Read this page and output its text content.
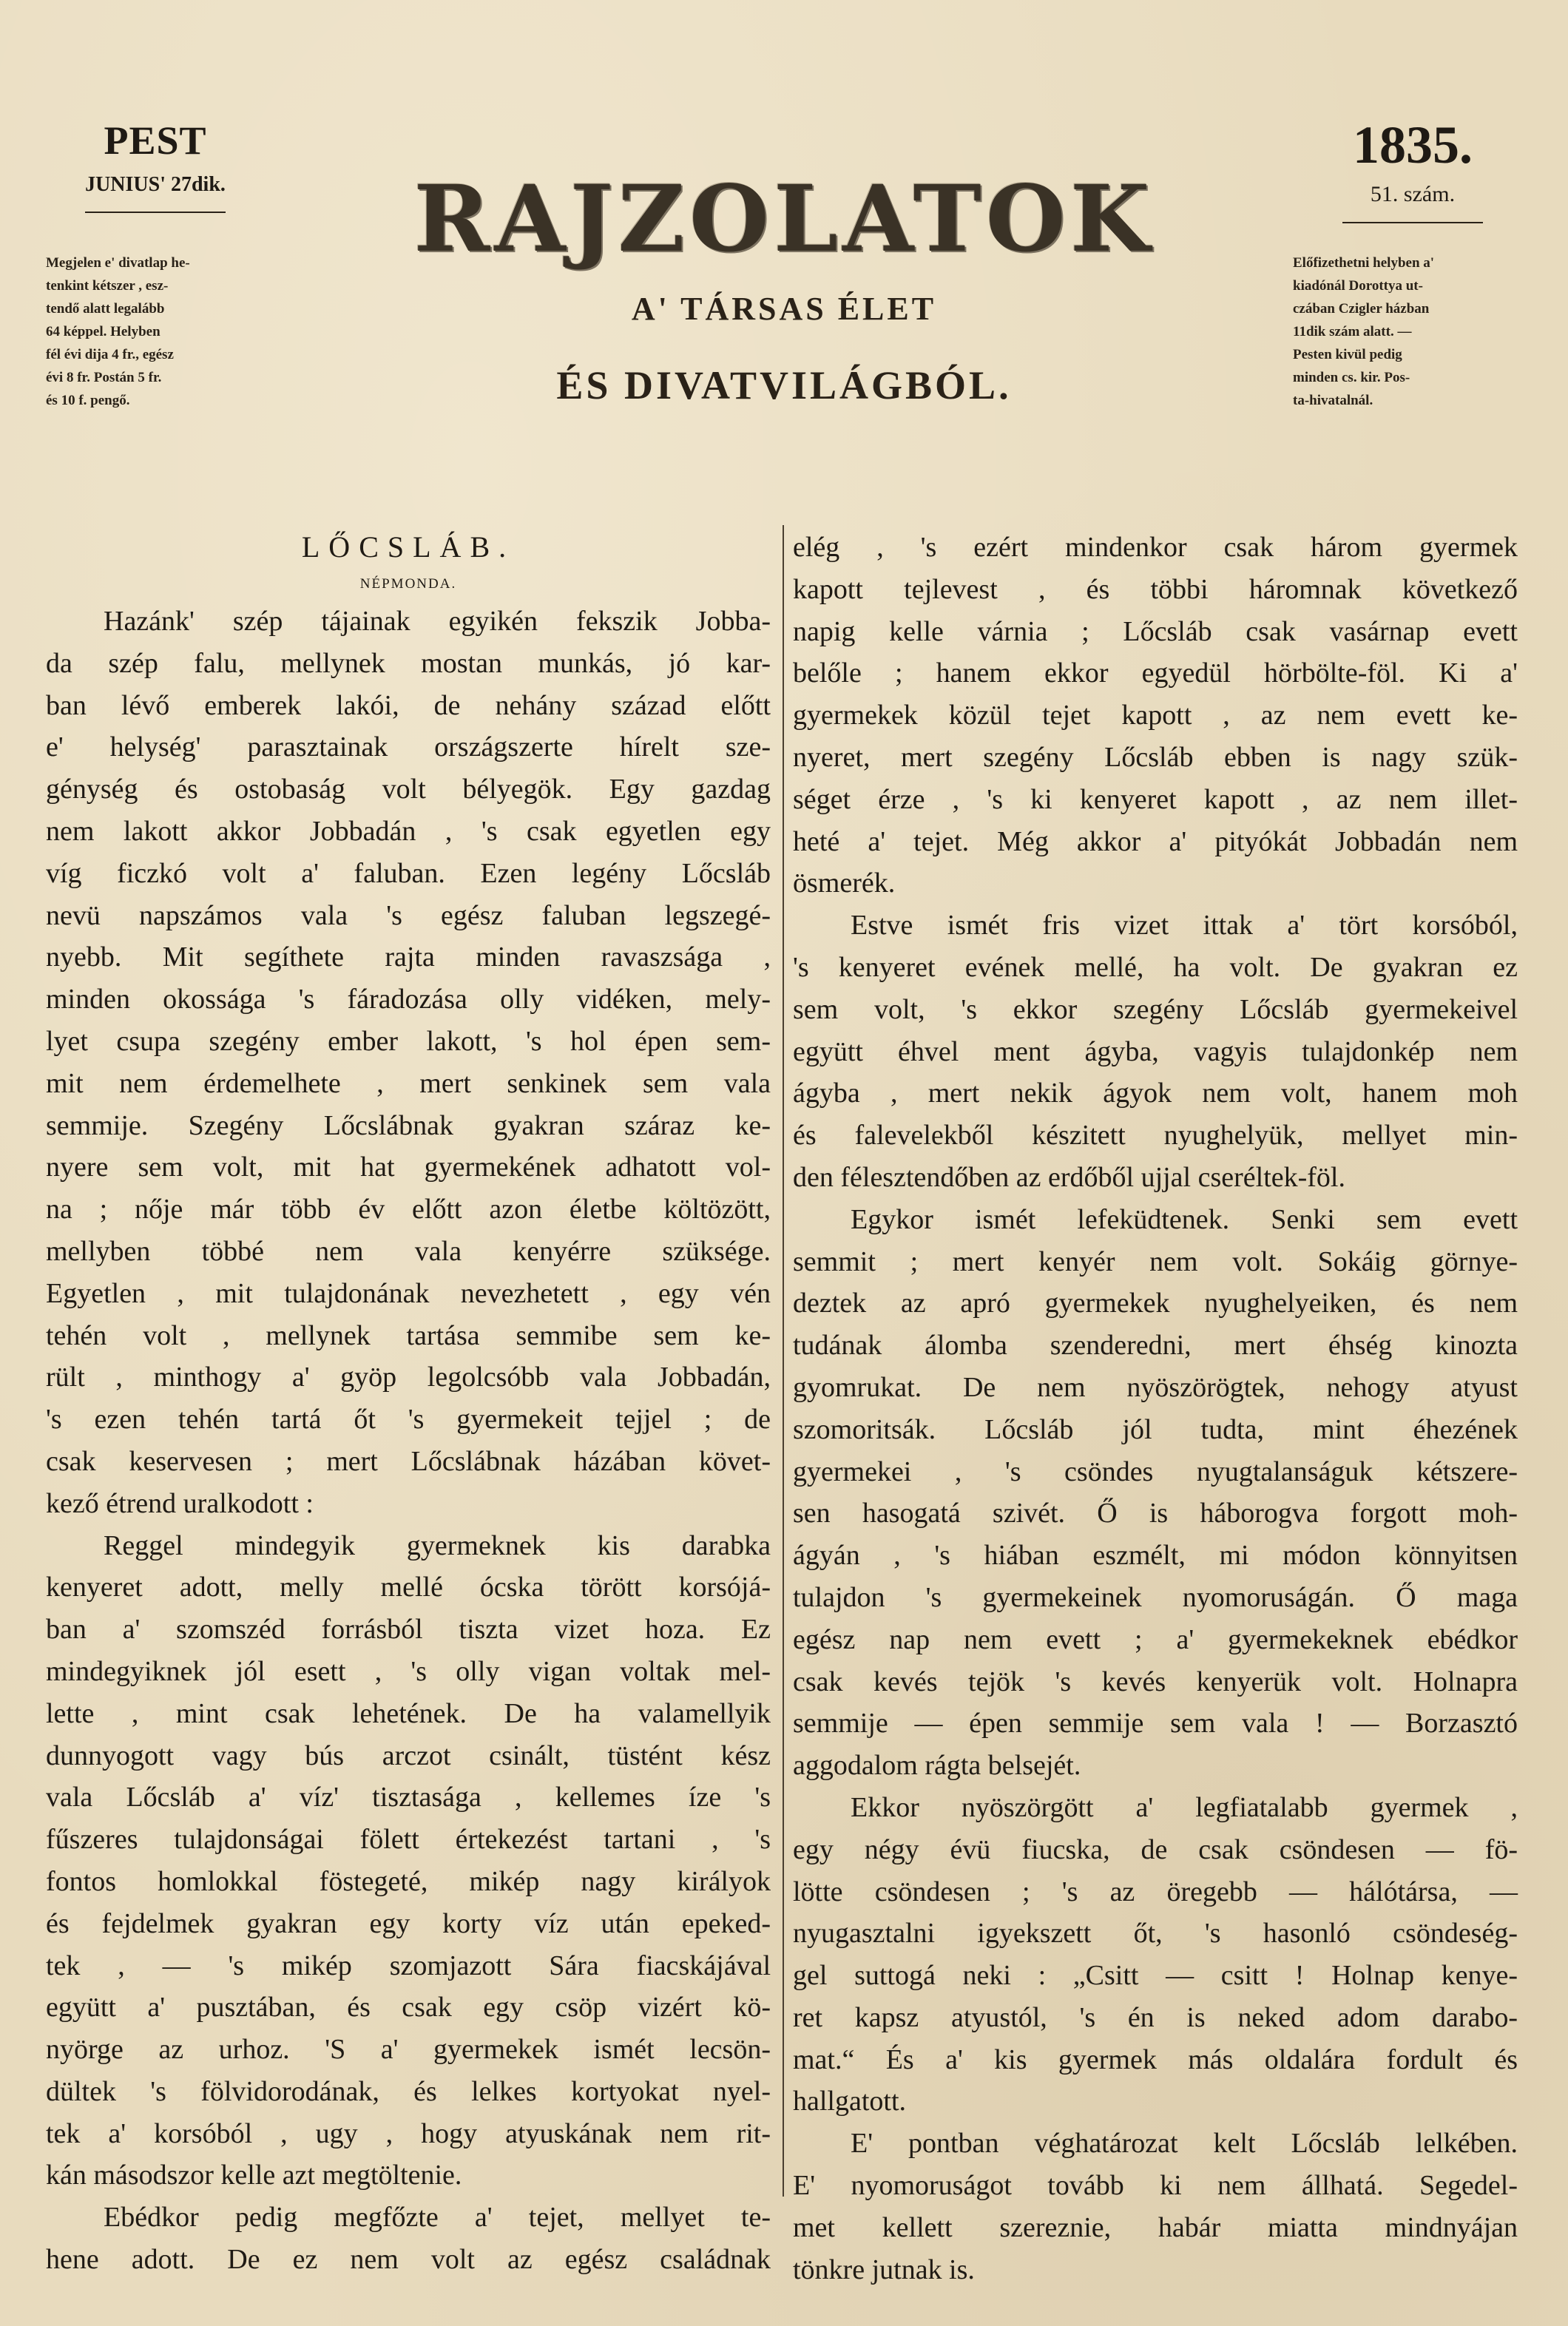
PEST
JUNIUS' 27dik.
1835.
51. szám.
Megjelen e' divatlap he-
tenkint kétszer , esz-
tendő alatt legalább
64 képpel. Helyben
fél évi dija 4 fr., egész
évi 8 fr. Postán 5 fr.
és 10 f. pengő.
Előfizethetni helyben a'
kiadónál Dorottya ut-
czában Czigler házban
11dik szám alatt. —
Pesten kivül pedig
minden cs. kir. Pos-
ta-hivatalnál.
RAJZOLATOK
A' TÁRSAS ÉLET
ÉS DIVATVILÁGBÓL.

LŐCSLÁB.

NÉPMONDA.

Hazánk' szép tájainak egyikén fekszik Jobba-
da szép falu, mellynek mostan munkás, jó kar-
ban lévő emberek lakói, de nehány század előtt
e' helység' parasztainak országszerte hírelt sze-
génység és ostobaság volt bélyegök. Egy gazdag
nem lakott akkor Jobbadán , 's csak egyetlen egy
víg ficzkó volt a' faluban. Ezen legény Lőcsláb
nevü napszámos vala 's egész faluban legszegé-
nyebb. Mit segíthete rajta minden ravaszsága ,
minden okossága 's fáradozása olly vidéken, mely-
lyet csupa szegény ember lakott, 's hol épen sem-
mit nem érdemelhete , mert senkinek sem vala
semmije. Szegény Lőcslábnak gyakran száraz ke-
nyere sem volt, mit hat gyermekének adhatott vol-
na ; nője már több év előtt azon életbe költözött,
mellyben többé nem vala kenyérre szüksége.
Egyetlen , mit tulajdonának nevezhetett , egy vén
tehén volt , mellynek tartása semmibe sem ke-
rült , minthogy a' gyöp legolcsóbb vala Jobbadán,
's ezen tehén tartá őt 's gyermekeit tejjel ; de
csak keservesen ; mert Lőcslábnak házában követ-
kező étrend uralkodott :

Reggel mindegyik gyermeknek kis darabka
kenyeret adott, melly mellé ócska törött korsójá-
ban a' szomszéd forrásból tiszta vizet hoza. Ez
mindegyiknek jól esett , 's olly vigan voltak mel-
lette , mint csak lehetének. De ha valamellyik
dunnyogott vagy bús arczot csinált, tüstént kész
vala Lőcsláb a' víz' tisztasága , kellemes íze 's
fűszeres tulajdonságai fölett értekezést tartani , 's
fontos homlokkal föstegeté, mikép nagy királyok
és fejdelmek gyakran egy korty víz után epeked-
tek , — 's mikép szomjazott Sára fiacskájával
együtt a' pusztában, és csak egy csöp vizért kö-
nyörge az urhoz. 'S a' gyermekek ismét lecsön-
dültek 's fölvidorodának, és lelkes kortyokat nyel-
tek a' korsóból , ugy , hogy atyuskának nem rit-
kán másodszor kelle azt megtöltenie.

Ebédkor pedig megfőzte a' tejet, mellyet te-
hene adott. De ez nem volt az egész családnak

elég , 's ezért mindenkor csak három gyermek
kapott tejlevest , és többi háromnak következő
napig kelle várnia ; Lőcsláb csak vasárnap evett
belőle ; hanem ekkor egyedül hörbölte-föl. Ki a'
gyermekek közül tejet kapott , az nem evett ke-
nyeret, mert szegény Lőcsláb ebben is nagy szük-
séget érze , 's ki kenyeret kapott , az nem illet-
heté a' tejet. Még akkor a' pityókát Jobbadán nem
ösmerék.

Estve ismét fris vizet ittak a' tört korsóból,
's kenyeret evének mellé, ha volt. De gyakran ez
sem volt, 's ekkor szegény Lőcsláb gyermekeivel
együtt éhvel ment ágyba, vagyis tulajdonkép nem
ágyba , mert nekik ágyok nem volt, hanem moh
és falevelekből készitett nyughelyük, mellyet min-
den félesztendőben az erdőből ujjal cseréltek-föl.

Egykor ismét lefeküdtenek. Senki sem evett
semmit ; mert kenyér nem volt. Sokáig görnye-
deztek az apró gyermekek nyughelyeiken, és nem
tudának álomba szenderedni, mert éhség kinozta
gyomrukat. De nem nyöszörögtek, nehogy atyust
szomoritsák. Lőcsláb jól tudta, mint éhezének
gyermekei , 's csöndes nyugtalanságuk kétszere-
sen hasogatá szivét. Ő is háborogva forgott moh-
ágyán , 's hiában eszmélt, mi módon könnyitsen
tulajdon 's gyermekeinek nyomoruságán. Ő maga
egész nap nem evett ; a' gyermekeknek ebédkor
csak kevés tejök 's kevés kenyerük volt. Holnapra
semmije — épen semmije sem vala ! — Borzasztó
aggodalom rágta belsejét.

Ekkor nyöszörgött a' legfiatalabb gyermek ,
egy négy évü fiucska, de csak csöndesen — fö-
lötte csöndesen ; 's az öregebb — hálótársa, —
nyugasztalni igyekszett őt, 's hasonló csöndeség-
gel suttogá neki : „Csitt — csitt ! Holnap kenye-
ret kapsz atyustól, 's én is neked adom darabo-
mat.“ És a' kis gyermek más oldalára fordult és
hallgatott.

E' pontban véghatározat kelt Lőcsláb lelkében.
E' nyomoruságot tovább ki nem állhatá. Segedel-
met kellett szereznie, habár miatta mindnyájan
tönkre jutnak is.
